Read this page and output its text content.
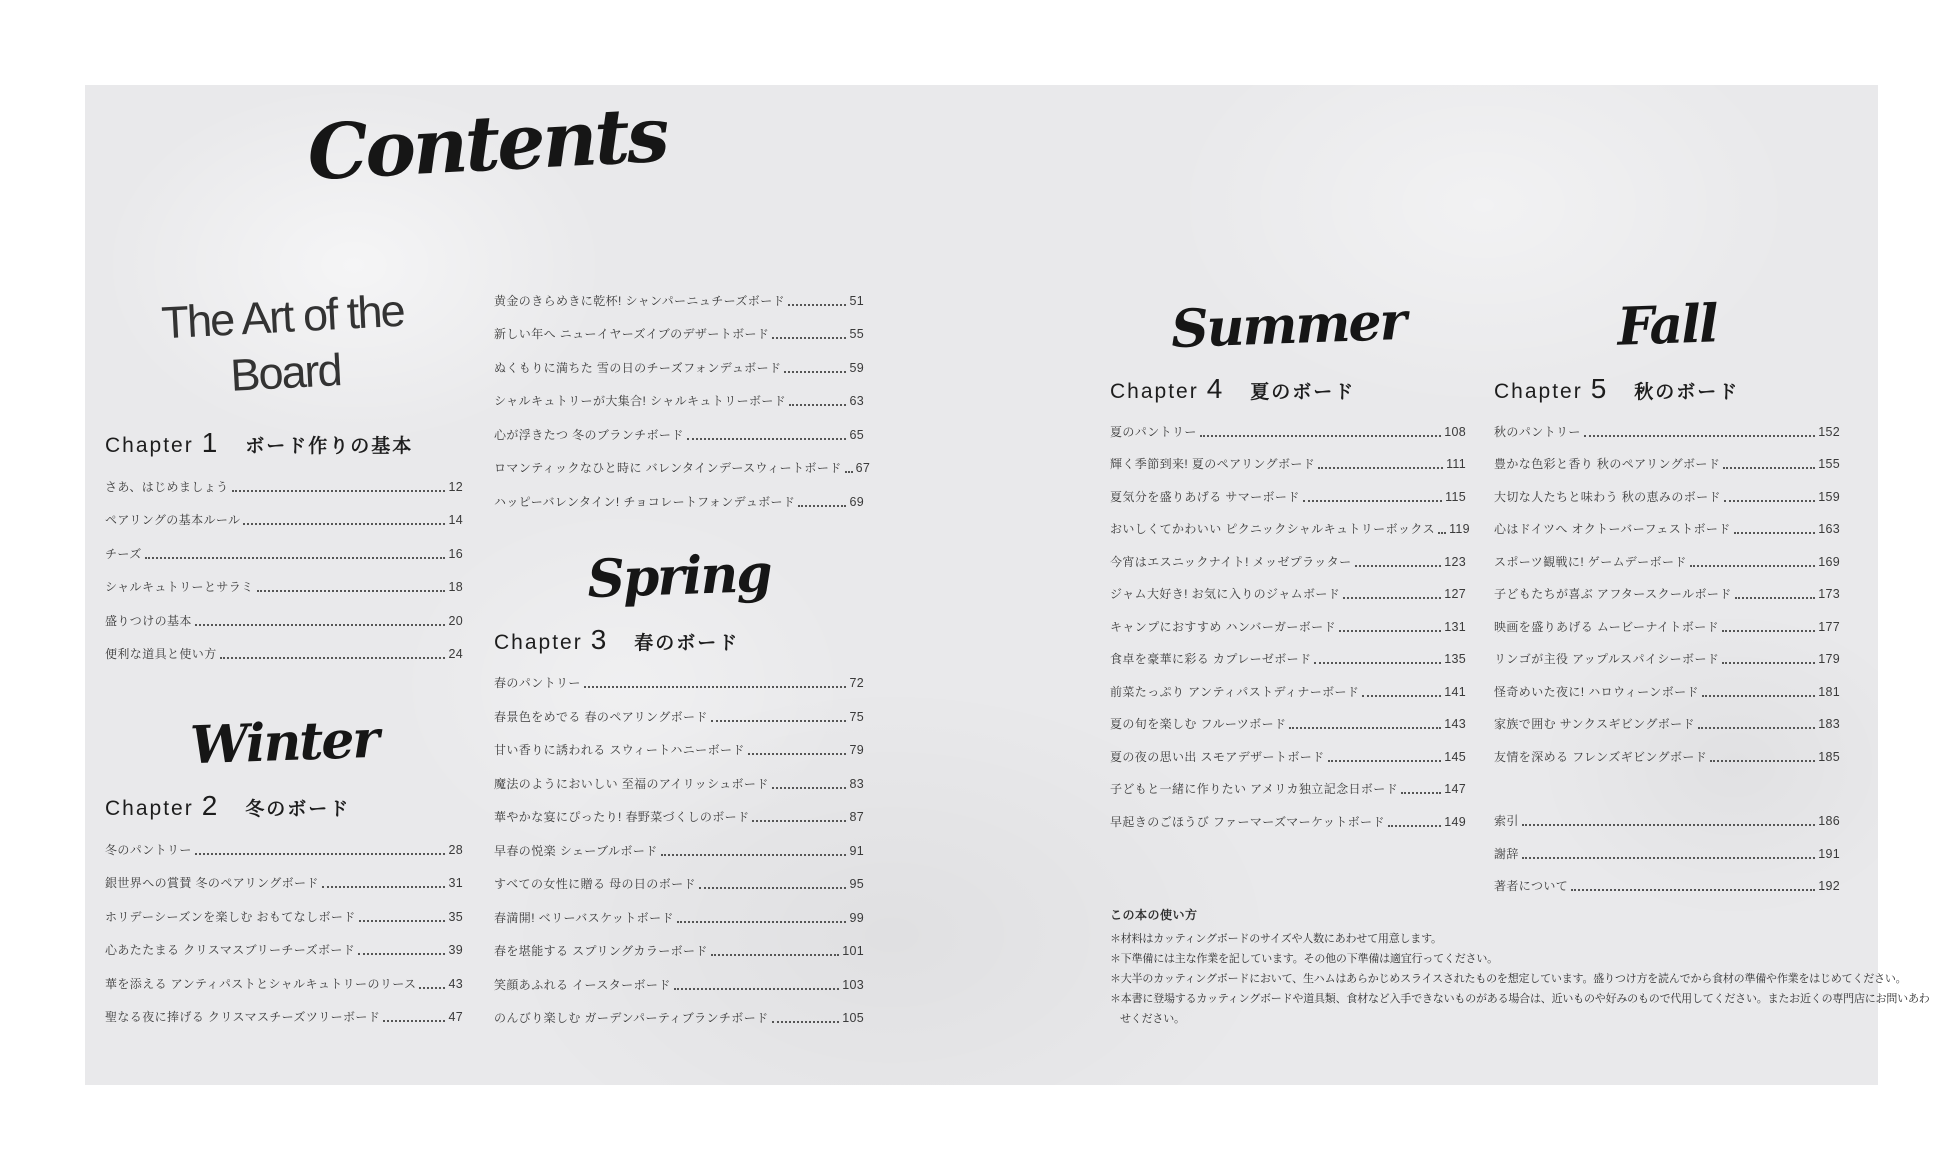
Contents
The Art of the
Board
Chapter 1 ボード作りの基本
さあ、はじめましょう	12
ペアリングの基本ルール	14
チーズ	16
シャルキュトリーとサラミ	18
盛りつけの基本	20
便利な道具と使い方	24
Winter
Chapter 2 冬のボード
冬のパントリー	28
銀世界への賞賛 冬のペアリングボード	31
ホリデーシーズンを楽しむ おもてなしボード	35
心あたたまる クリスマスブリーチーズボード	39
華を添える アンティパストとシャルキュトリーのリース	43
聖なる夜に捧げる クリスマスチーズツリーボード	47
黄金のきらめきに乾杯! シャンパーニュチーズボード	51
新しい年へ ニューイヤーズイブのデザートボード	55
ぬくもりに満ちた 雪の日のチーズフォンデュボード	59
シャルキュトリーが大集合! シャルキュトリーボード	63
心が浮きたつ 冬のブランチボード	65
ロマンティックなひと時に バレンタインデースウィートボード 67
ハッピーバレンタイン! チョコレートフォンデュボード	69
Spring
Chapter 3 春のボード
春のパントリー	72
春景色をめでる 春のペアリングボード	75
甘い香りに誘われる スウィートハニーボード	79
魔法のようにおいしい 至福のアイリッシュボード	83
華やかな宴にぴったり! 春野菜づくしのボード	87
早春の悦楽 シェーブルボード	91
すべての女性に贈る 母の日のボード	95
春満開! ベリーバスケットボード	99
春を堪能する スプリングカラーボード	101
笑顔あふれる イースターボード	103
のんびり楽しむ ガーデンパーティブランチボード	105
Summer
Chapter 4 夏のボード
夏のパントリー	108
輝く季節到来! 夏のペアリングボード	111
夏気分を盛りあげる サマーボード	115
おいしくてかわいい ピクニックシャルキュトリーボックス 119
今宵はエスニックナイト! メッゼプラッター	123
ジャム大好き! お気に入りのジャムボード	127
キャンプにおすすめ ハンバーガーボード	131
食卓を豪華に彩る カプレーゼボード	135
前菜たっぷり アンティパストディナーボード	141
夏の旬を楽しむ フルーツボード	143
夏の夜の思い出 スモアデザートボード	145
子どもと一緒に作りたい アメリカ独立記念日ボード	147
早起きのごほうび ファーマーズマーケットボード	149
Fall
Chapter 5 秋のボード
秋のパントリー	152
豊かな色彩と香り 秋のペアリングボード	155
大切な人たちと味わう 秋の恵みのボード	159
心はドイツへ オクトーバーフェストボード	163
スポーツ観戦に! ゲームデーボード	169
子どもたちが喜ぶ アフタースクールボード	173
映画を盛りあげる ムービーナイトボード	177
リンゴが主役 アップルスパイシーボード	179
怪奇めいた夜に! ハロウィーンボード	181
家族で囲む サンクスギビングボード	183
友情を深める フレンズギビングボード	185
索引	186
謝辞	191
著者について	192
この本の使い方
＊材料はカッティングボードのサイズや人数にあわせて用意します。
＊下準備には主な作業を記しています。その他の下準備は適宜行ってください。
＊大半のカッティングボードにおいて、生ハムはあらかじめスライスされたものを想定しています。盛りつけ方を読んでから食材の準備や作業をはじめてください。
＊本書に登場するカッティングボードや道具類、食材など入手できないものがある場合は、近いものや好みのもので代用してください。またお近くの専門店にお問いあわ
せください。
